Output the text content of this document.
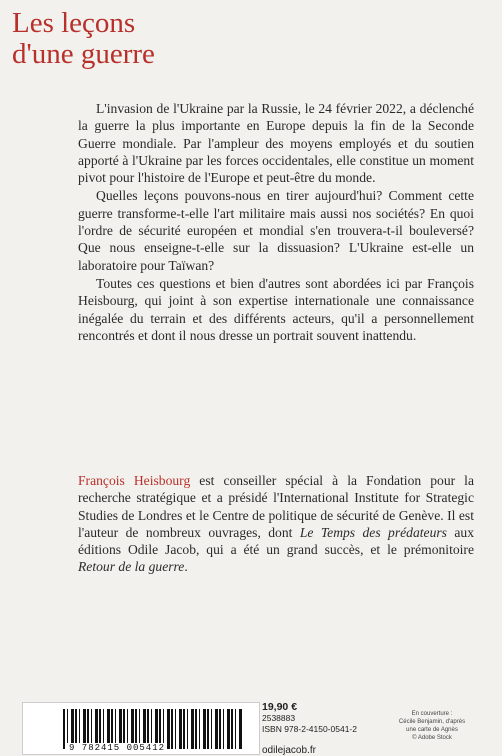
Les leçons
d'une guerre

L'invasion de l'Ukraine par la Russie, le 24 février 2022, a déclenché la guerre la plus importante en Europe depuis la fin de la Seconde Guerre mondiale. Par l'ampleur des moyens employés et du soutien apporté à l'Ukraine par les forces occidentales, elle constitue un moment pivot pour l'histoire de l'Europe et peut-être du monde.

Quelles leçons pouvons-nous en tirer aujourd'hui? Comment cette guerre transforme-t-elle l'art militaire mais aussi nos sociétés? En quoi l'ordre de sécurité européen et mondial s'en trouvera-t-il bouleversé? Que nous enseigne-t-elle sur la dissuasion? L'Ukraine est-elle un laboratoire pour Taïwan?

Toutes ces questions et bien d'autres sont abordées ici par François Heisbourg, qui joint à son expertise internationale une connaissance inégalée du terrain et des différents acteurs, qu'il a personnellement rencontrés et dont il nous dresse un portrait souvent inattendu.

François Heisbourg est conseiller spécial à la Fondation pour la recherche stratégique et a présidé l'International Institute for Strategic Studies de Londres et le Centre de politique de sécurité de Genève. Il est l'auteur de nombreux ouvrages, dont Le Temps des prédateurs aux éditions Odile Jacob, qui a été un grand succès, et le prémonitoire Retour de la guerre.

9 782415 005412
19,90 €
2538883
ISBN 978-2-4150-0541-2
odilejacob.fr
En couverture :
Cécile Benjamin, d'après
une carte de Agnès
© Adobe Stock
